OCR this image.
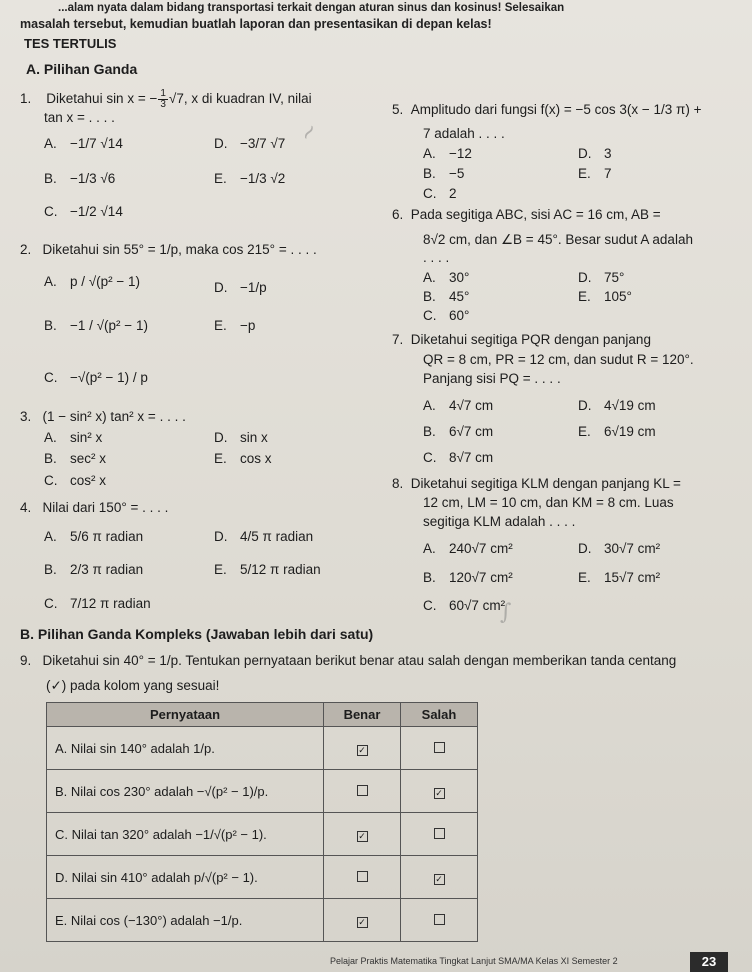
...alam nyata dalam bidang transportasi terkait dengan aturan sinus dan kosinus! Selesaikan
masalah tersebut, kemudian buatlah laporan dan presentasikan di depan kelas!
TES TERTULIS
A. Pilihan Ganda
1. Diketahui sin x = − $\frac{1}{3} √7$, x di kuadran IV, nilai
tan x = . . . .
A. −1/7 √14	D. −3/7 √7
B. −1/3 √6	E. −1/3 √2
C. −1/2 √14
2. Diketahui sin 55° = 1/p, maka cos 215° = . . . .
A. p / √(p² − 1)	D. −1/p
B. −1 / √(p² − 1)	E. −p
C. −√(p² − 1) / p
3. (1 − sin² x) tan² x = . . . .
A. sin² x	D. sin x
B. sec² x	E. cos x
C. cos² x
4. Nilai dari 150° = . . . .
A. 5/6 π radian	D. 4/5 π radian
B. 2/3 π radian	E. 5/12 π radian
C. 7/12 π radian
5. Amplitudo dari fungsi f(x) = −5 cos 3(x − 1/3 π) +
7 adalah . . . .
A. −12	D. 3
B. −5	E. 7
C. 2
6. Pada segitiga ABC, sisi AC = 16 cm, AB =
8√2 cm, dan ∠B = 45°. Besar sudut A adalah
. . . .
A. 30°	D. 75°
B. 45°	E. 105°
C. 60°
7. Diketahui segitiga PQR dengan panjang
QR = 8 cm, PR = 12 cm, dan sudut R = 120°.
Panjang sisi PQ = . . . .
A. 4√7 cm	D. 4√19 cm
B. 6√7 cm	E. 6√19 cm
C. 8√7 cm
8. Diketahui segitiga KLM dengan panjang KL =
12 cm, LM = 10 cm, dan KM = 8 cm. Luas
segitiga KLM adalah . . . .
A. 240√7 cm²	D. 30√7 cm²
B. 120√7 cm²	E. 15√7 cm²
C. 60√7 cm²
B. Pilihan Ganda Kompleks (Jawaban lebih dari satu)
9. Diketahui sin 40° = 1/p. Tentukan pernyataan berikut benar atau salah dengan memberikan tanda centang
(✓) pada kolom yang sesuai!
Pernyataan	Benar	Salah
A. Nilai sin 140° adalah 1/p.	✓	
B. Nilai cos 230° adalah −√(p² − 1)/p.		✓
C. Nilai tan 320° adalah −1/√(p² − 1).	✓	
D. Nilai sin 410° adalah p/√(p² − 1).		✓
E. Nilai cos (−130°) adalah −1/p.	✓	
~
∫
Pelajar Praktis Matematika Tingkat Lanjut SMA/MA Kelas XI Semester 2	23
